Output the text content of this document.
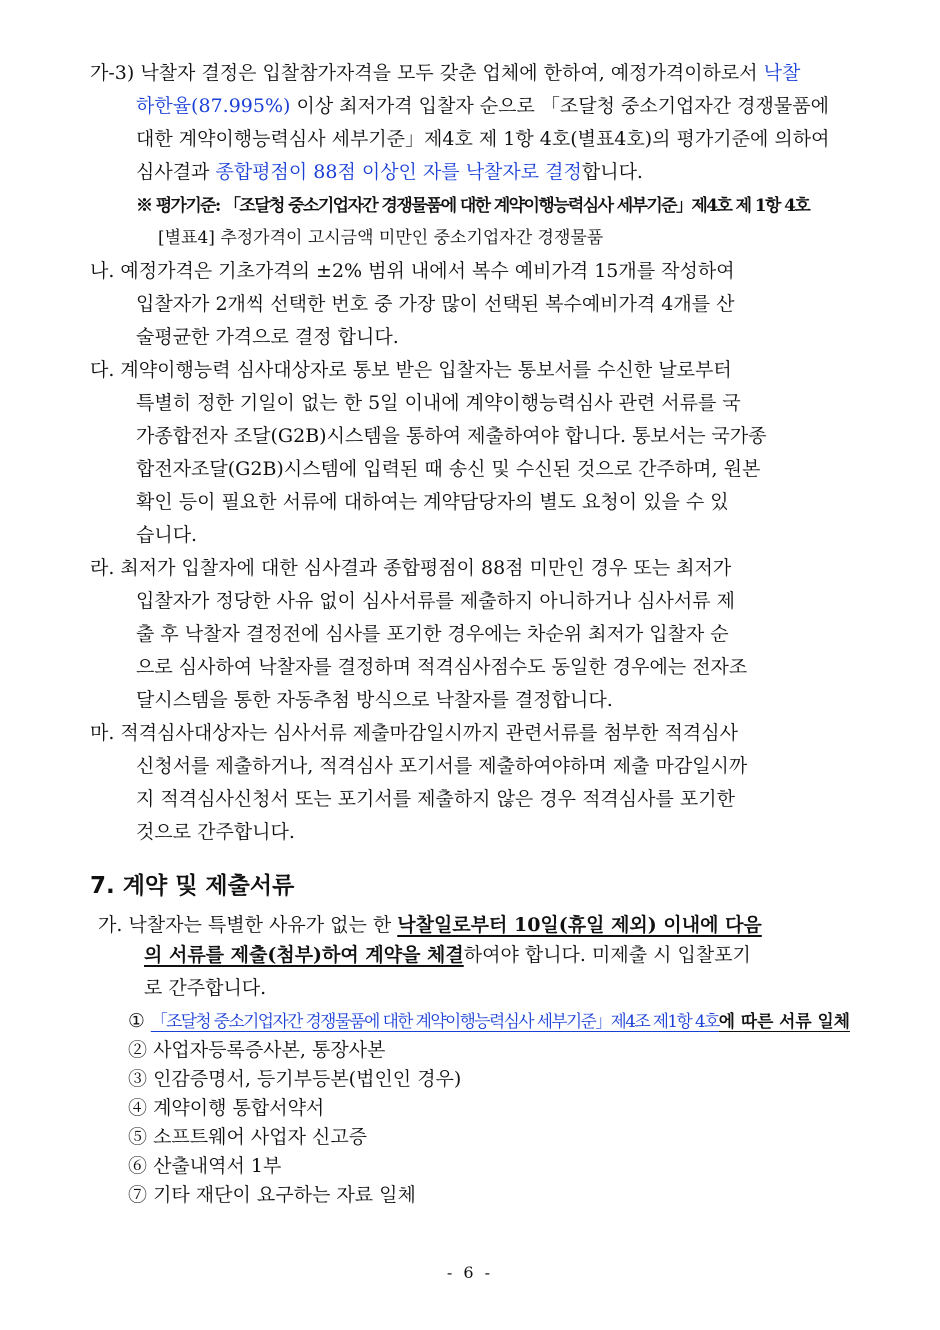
가-3) 낙찰자 결정은 입찰참가자격을 모두 갖춘 업체에 한하여, 예정가격이하로서 낙찰
하한율(87.995%) 이상 최저가격 입찰자 순으로 「조달청 중소기업자간 경쟁물품에
대한 계약이행능력심사 세부기준」제4호 제 1항 4호(별표4호)의 평가기준에 의하여
심사결과 종합평점이 88점 이상인 자를 낙찰자로 결정합니다.
※ 평가기준: 「조달청 중소기업자간 경쟁물품에 대한 계약이행능력심사 세부기준」제4호 제 1항 4호
[별표4] 추정가격이 고시금액 미만인 중소기업자간 경쟁물품
나. 예정가격은 기초가격의 ±2% 범위 내에서 복수 예비가격 15개를 작성하여
입찰자가 2개씩 선택한 번호 중 가장 많이 선택된 복수예비가격 4개를 산
술평균한 가격으로 결정 합니다.
다. 계약이행능력 심사대상자로 통보 받은 입찰자는 통보서를 수신한 날로부터
특별히 정한 기일이 없는 한 5일 이내에 계약이행능력심사 관련 서류를 국
가종합전자 조달(G2B)시스템을 통하여 제출하여야 합니다. 통보서는 국가종
합전자조달(G2B)시스템에 입력된 때 송신 및 수신된 것으로 간주하며, 원본
확인 등이 필요한 서류에 대하여는 계약담당자의 별도 요청이 있을 수 있
습니다.
라. 최저가 입찰자에 대한 심사결과 종합평점이 88점 미만인 경우 또는 최저가
입찰자가 정당한 사유 없이 심사서류를 제출하지 아니하거나 심사서류 제
출 후 낙찰자 결정전에 심사를 포기한 경우에는 차순위 최저가 입찰자 순
으로 심사하여 낙찰자를 결정하며 적격심사점수도 동일한 경우에는 전자조
달시스템을 통한 자동추첨 방식으로 낙찰자를 결정합니다.
마. 적격심사대상자는 심사서류 제출마감일시까지 관련서류를 첨부한 적격심사
신청서를 제출하거나, 적격심사 포기서를 제출하여야하며 제출 마감일시까
지 적격심사신청서 또는 포기서를 제출하지 않은 경우 적격심사를 포기한
것으로 간주합니다.
7. 계약 및 제출서류
가. 낙찰자는 특별한 사유가 없는 한 낙찰일로부터 10일(휴일 제외) 이내에 다음
의 서류를 제출(첨부)하여 계약을 체결하여야 합니다. 미제출 시 입찰포기
로 간주합니다.
① 「조달청 중소기업자간 경쟁물품에 대한 계약이행능력심사 세부기준」제4조 제1항 4호에 따른 서류 일체
② 사업자등록증사본, 통장사본
③ 인감증명서, 등기부등본(법인인 경우)
④ 계약이행 통합서약서
⑤ 소프트웨어 사업자 신고증
⑥ 산출내역서 1부
⑦ 기타 재단이 요구하는 자료 일체
- 6 -
